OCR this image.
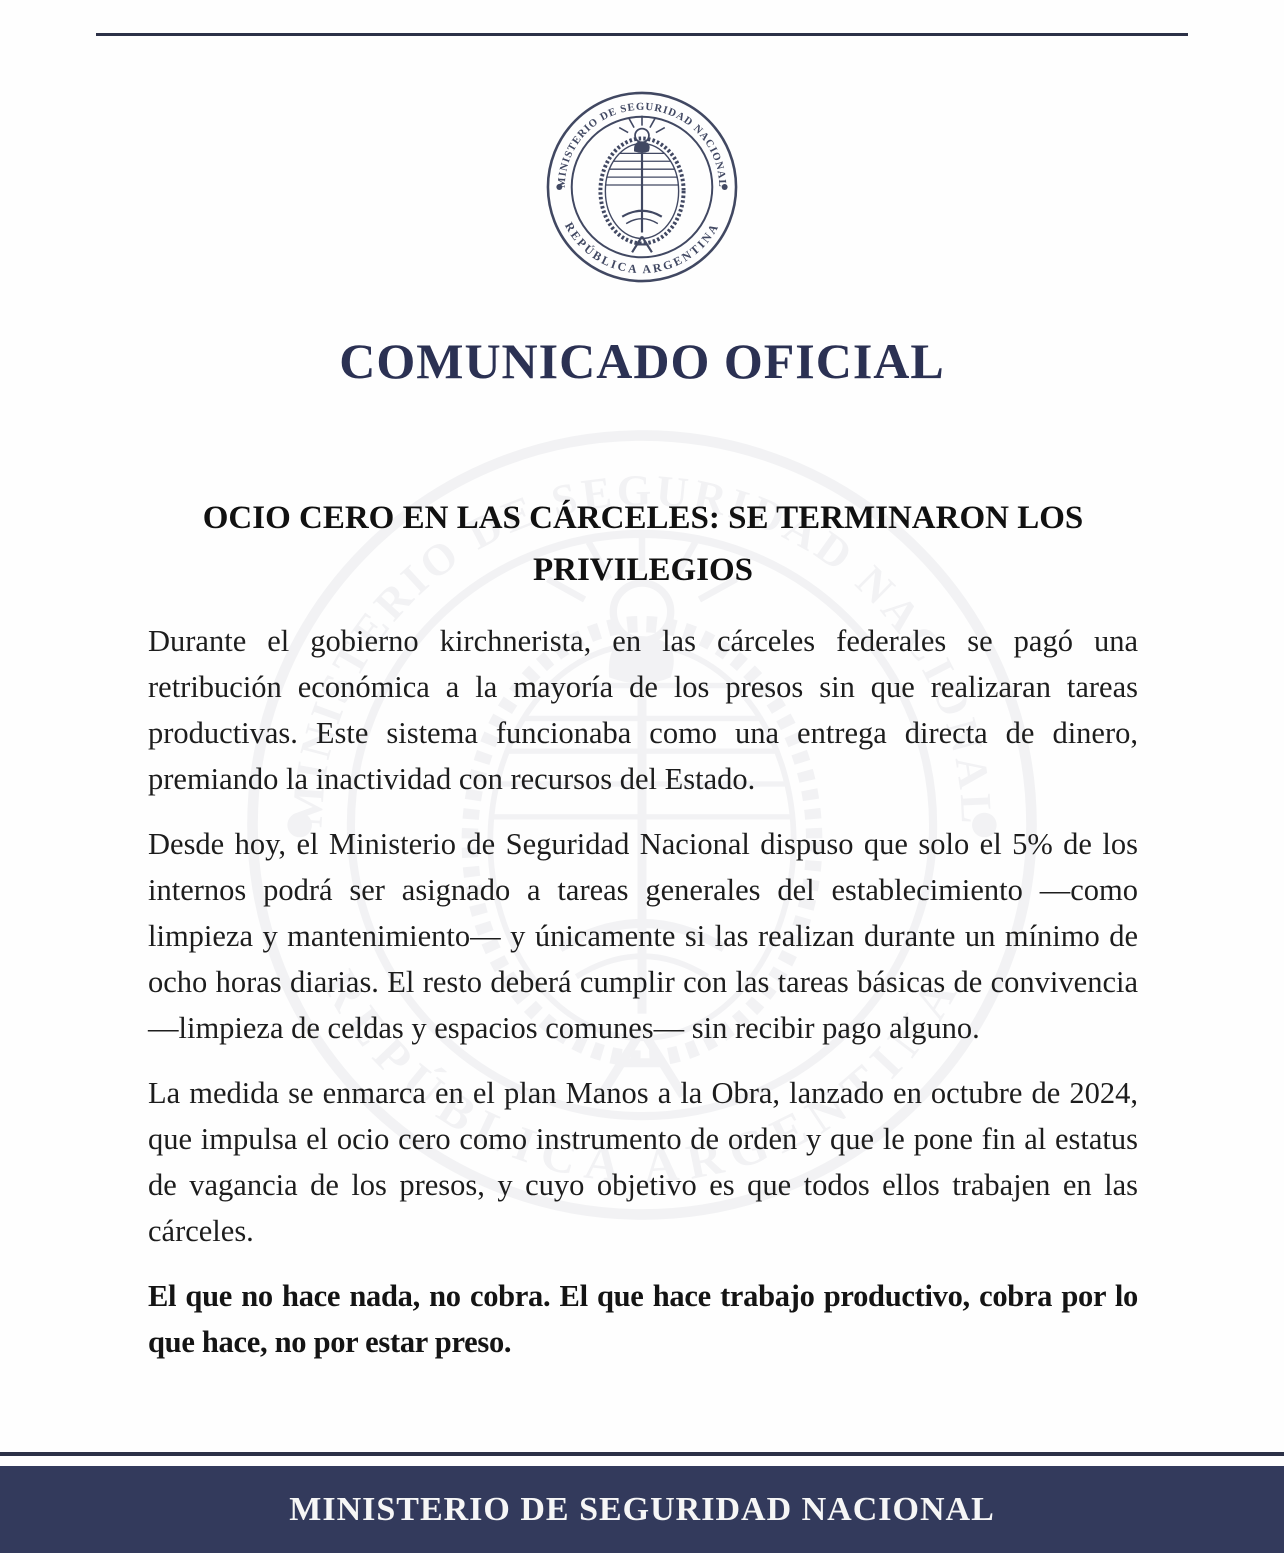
COMUNICADO OFICIAL
OCIO CERO EN LAS CÁRCELES: SE TERMINARON LOS
PRIVILEGIOS

Durante el gobierno kirchnerista, en las cárceles federales se pagó una retribución económica a la mayoría de los presos sin que realizaran tareas productivas. Este sistema funcionaba como una entrega directa de dinero, premiando la inactividad con recursos del Estado.

Desde hoy, el Ministerio de Seguridad Nacional dispuso que solo el 5% de los internos podrá ser asignado a tareas generales del establecimiento —como limpieza y mantenimiento— y únicamente si las realizan durante un mínimo de ocho horas diarias. El resto deberá cumplir con las tareas básicas de convivencia —limpieza de celdas y espacios comunes— sin recibir pago alguno.

La medida se enmarca en el plan Manos a la Obra, lanzado en octubre de 2024, que impulsa el ocio cero como instrumento de orden y que le pone fin al estatus de vagancia de los presos, y cuyo objetivo es que todos ellos trabajen en las cárceles.

El que no hace nada, no cobra. El que hace trabajo productivo, cobra por lo que hace, no por estar preso.

MINISTERIO DE SEGURIDAD NACIONAL
